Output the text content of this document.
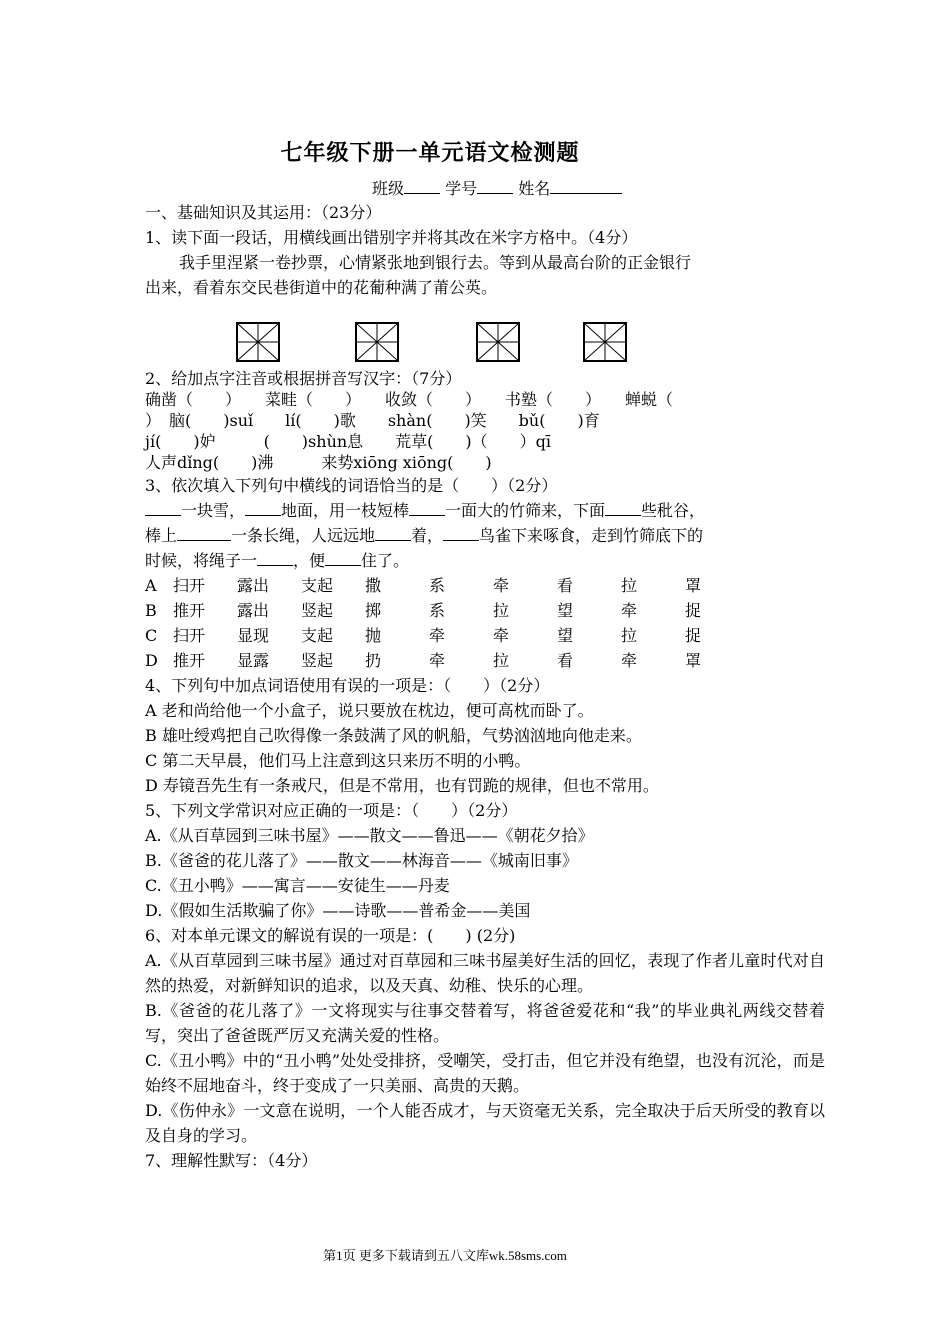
七年级下册一单元语文检测题
班级	学号	姓名
一、基础知识及其运用：（23分）
1、读下面一段话，用横线画出错别字并将其改在米字方格中。（4分）
我手里涅紧一卷抄票，心情紧张地到银行去。等到从最高台阶的正金银行
出来，看着东交民巷街道中的花葡种满了莆公英。
2、给加点字注音或根据拼音写汉字：（7分）
确凿（　　）　　菜畦（　　）　　收敛（　　）　　书塾（　　）　　蝉蜕（
）　脑(　　)suǐ　　lí(　　)歌　　shàn(　　)笑　　bǔ(　　)育
jí(　　)妒　　　(　　)shùn息　　荒草(　　)（　　）qī
人声dǐng(　　)沸　　　来势xiōng xiōng(　　)
3、依次填入下列句中横线的词语恰当的是（　　）（2分）
一块雪， 地面，用一枝短棒 一面大的竹筛来，下面 些秕谷，
棒上	一条长绳，人远远地 着， 鸟雀下来啄食，走到竹筛底下的
时候，将绳子一 ，便 住了。
A	扫开	露出	支起	撒	系	牵	看	拉	罩
B	推开	露出	竖起	掷	系	拉	望	牵	捉
C 扫开	显现	支起	抛	牵	牵	望	拉	捉
D 推开	显露	竖起	扔	牵	拉	看	牵	罩
4、下列句中加点词语使用有误的一项是：（　　）（2分）
A 老和尚给他一个小盒子，说只要放在枕边，便可高枕而卧了。
B 雄吐绶鸡把自己吹得像一条鼓满了风的帆船，气势汹汹地向他走来。
C 第二天早晨，他们马上注意到这只来历不明的小鸭。
D 寿镜吾先生有一条戒尺，但是不常用，也有罚跪的规律，但也不常用。
5、下列文学常识对应正确的一项是：（　　）（2分）
A.《从百草园到三味书屋》——散文——鲁迅——《朝花夕拾》
B.《爸爸的花儿落了》——散文——林海音——《城南旧事》
C.《丑小鸭》——寓言——安徒生——丹麦
D.《假如生活欺骗了你》——诗歌——普希金——美国
6、对本单元课文的解说有误的一项是：(　　) (2分)
A.《从百草园到三味书屋》通过对百草园和三味书屋美好生活的回忆，表现了作者儿童时代对自然的热爱，对新鲜知识的追求，以及天真、幼稚、快乐的心理。
B.《爸爸的花儿落了》一文将现实与往事交替着写，将爸爸爱花和“我”的毕业典礼两线交替着写，突出了爸爸既严厉又充满关爱的性格。
C.《丑小鸭》中的“丑小鸭”处处受排挤，受嘲笑，受打击，但它并没有绝望，也没有沉沦，而是始终不屈地奋斗，终于变成了一只美丽、高贵的天鹅。
D.《伤仲永》一文意在说明，一个人能否成才，与天资毫无关系，完全取决于后天所受的教育以及自身的学习。
7、理解性默写：（4分）
第1页 更多下载请到五八文库wk.58sms.com
